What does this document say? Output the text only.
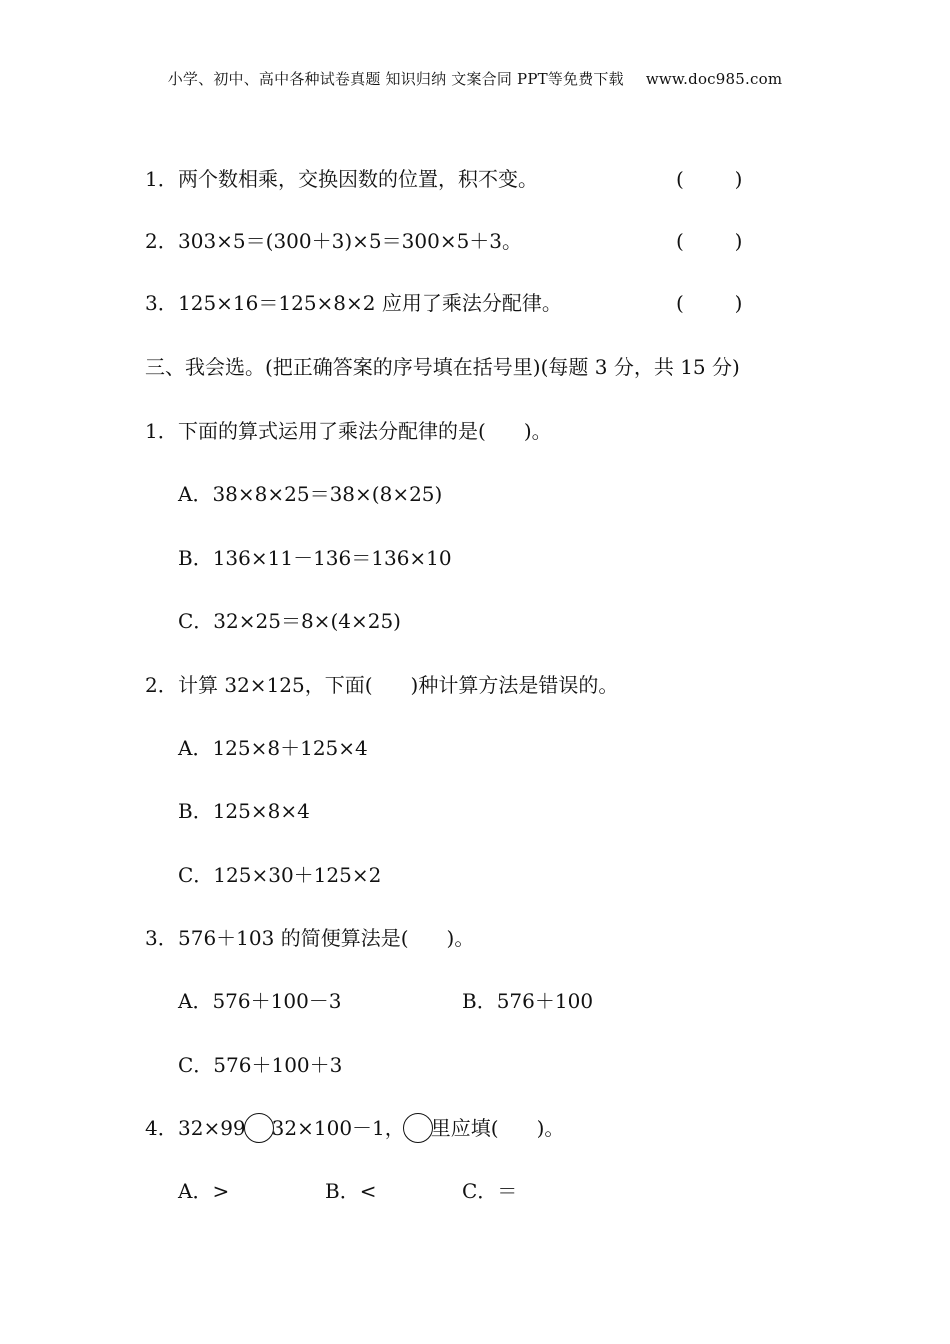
小学、初中、高中各种试卷真题 知识归纳 文案合同 PPT等免费下载 www.doc985.com
1．两个数相乘，交换因数的位置，积不变。	(        )
2．303×5＝(300＋3)×5＝300×5＋3。	(        )
3．125×16＝125×8×2 应用了乘法分配律。	(        )
三、我会选。(把正确答案的序号填在括号里)(每题 3 分，共 15 分)
1．下面的算式运用了乘法分配律的是( )。
A．38×8×25＝38×(8×25)
B．136×11－136＝136×10
C．32×25＝8×(4×25)
2．计算 32×125，下面( )种计算方法是错误的。
A．125×8＋125×4
B．125×8×4
C．125×30＋125×2
3．576＋103 的简便算法是( )。
A．576＋100－3	B．576＋100
C．576＋100＋3
4．32×99 32×100－1， 里应填( )。
A．>	B．<	C．＝
